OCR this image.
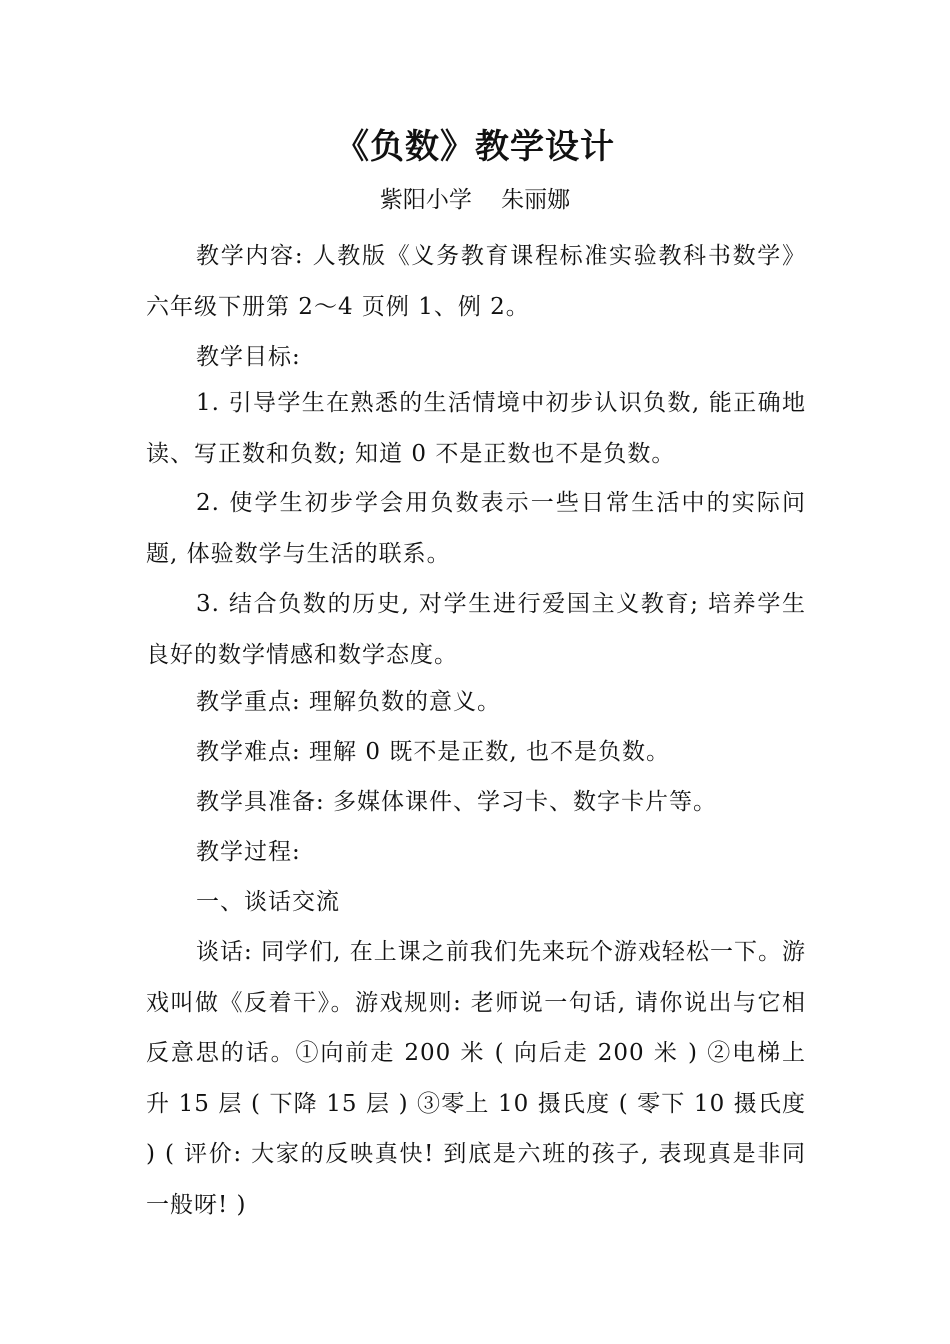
《负数》教学设计
紫阳小学    朱丽娜
教学内容: 人教版《义务教育课程标准实验教科书数学》六年级下册第 2～4 页例 1、例 2。
教学目标:
1. 引导学生在熟悉的生活情境中初步认识负数, 能正确地读、写正数和负数; 知道 0 不是正数也不是负数。
2. 使学生初步学会用负数表示一些日常生活中的实际问题, 体验数学与生活的联系。
3. 结合负数的历史, 对学生进行爱国主义教育; 培养学生良好的数学情感和数学态度。
教学重点: 理解负数的意义。
教学难点: 理解 0 既不是正数, 也不是负数。
教学具准备: 多媒体课件、学习卡、数字卡片等。
教学过程:
一、谈话交流
谈话: 同学们, 在上课之前我们先来玩个游戏轻松一下。游戏叫做《反着干》。游戏规则: 老师说一句话, 请你说出与它相反意思的话。①向前走 200 米 ( 向后走 200 米 ) ②电梯上升 15 层 ( 下降 15 层 ) ③零上 10 摄氏度 ( 零下 10 摄氏度 ) ( 评价: 大家的反映真快! 到底是六班的孩子, 表现真是非同一般呀! )
